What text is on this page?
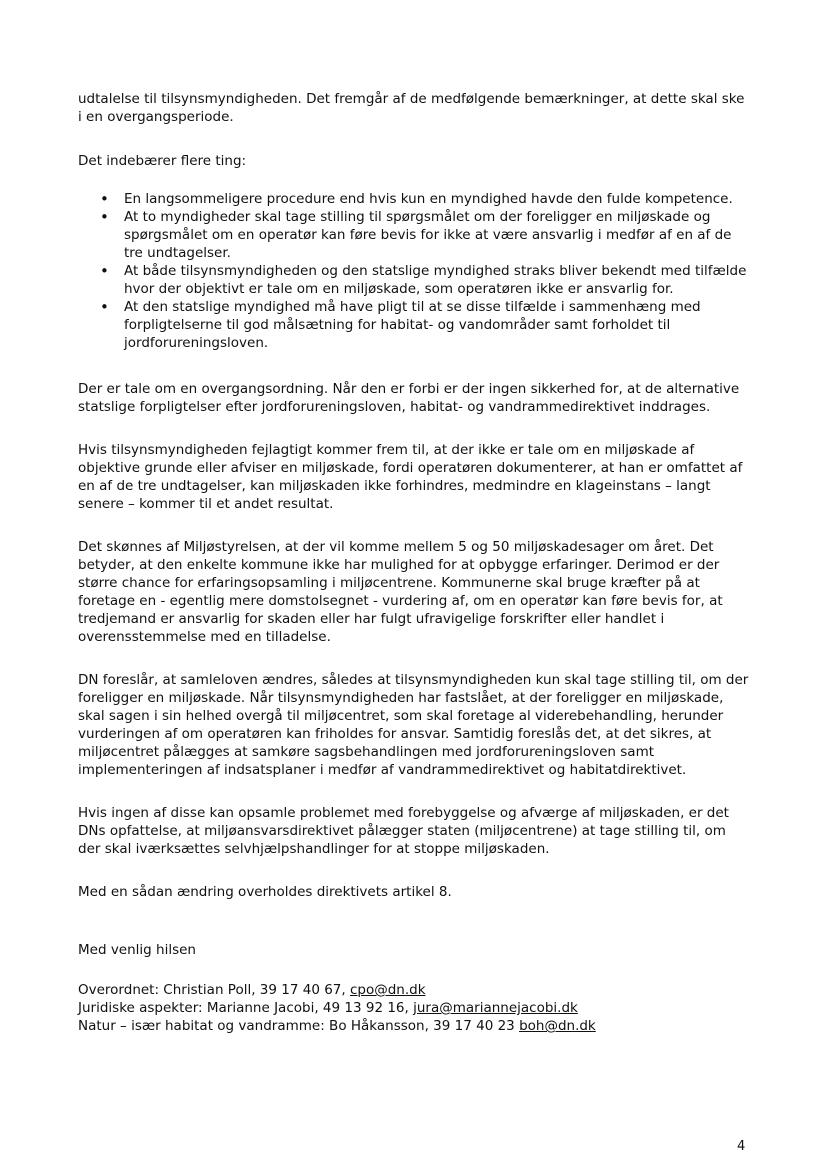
udtalelse til tilsynsmyndigheden. Det fremgår af de medfølgende bemærkninger, at dette skal ske i en overgangsperiode.

Det indebærer flere ting:

• En langsommeligere procedure end hvis kun en myndighed havde den fulde kompetence.
• At to myndigheder skal tage stilling til spørgsmålet om der foreligger en miljøskade og spørgsmålet om en operatør kan føre bevis for ikke at være ansvarlig i medfør af en af de tre undtagelser.
• At både tilsynsmyndigheden og den statslige myndighed straks bliver bekendt med tilfælde hvor der objektivt er tale om en miljøskade, som operatøren ikke er ansvarlig for.
• At den statslige myndighed må have pligt til at se disse tilfælde i sammenhæng med forpligtelserne til god målsætning for habitat- og vandområder samt forholdet til jordforureningsloven.

Der er tale om en overgangsordning. Når den er forbi er der ingen sikkerhed for, at de alternative statslige forpligtelser efter jordforureningsloven, habitat- og vandrammedirektivet inddrages.

Hvis tilsynsmyndigheden fejlagtigt kommer frem til, at der ikke er tale om en miljøskade af objektive grunde eller afviser en miljøskade, fordi operatøren dokumenterer, at han er omfattet af en af de tre undtagelser, kan miljøskaden ikke forhindres, medmindre en klageinstans – langt senere – kommer til et andet resultat.

Det skønnes af Miljøstyrelsen, at der vil komme mellem 5 og 50 miljøskadesager om året. Det betyder, at den enkelte kommune ikke har mulighed for at opbygge erfaringer. Derimod er der større chance for erfaringsopsamling i miljøcentrene. Kommunerne skal bruge kræfter på at foretage en - egentlig mere domstolsegnet - vurdering af, om en operatør kan føre bevis for, at tredjemand er ansvarlig for skaden eller har fulgt ufravigelige forskrifter eller handlet i overensstemmelse med en tilladelse.

DN foreslår, at samleloven ændres, således at tilsynsmyndigheden kun skal tage stilling til, om der foreligger en miljøskade. Når tilsynsmyndigheden har fastslået, at der foreligger en miljøskade, skal sagen i sin helhed overgå til miljøcentret, som skal foretage al viderebehandling, herunder vurderingen af om operatøren kan friholdes for ansvar. Samtidig foreslås det, at det sikres, at miljøcentret pålægges at samkøre sagsbehandlingen med jordforureningsloven samt implementeringen af indsatsplaner i medfør af vandrammedirektivet og habitatdirektivet.

Hvis ingen af disse kan opsamle problemet med forebyggelse og afværge af miljøskaden, er det DNs opfattelse, at miljøansvarsdirektivet pålægger staten (miljøcentrene) at tage stilling til, om der skal iværksættes selvhjælpshandlinger for at stoppe miljøskaden.

Med en sådan ændring overholdes direktivets artikel 8.

Med venlig hilsen

Overordnet: Christian Poll, 39 17 40 67, cpo@dn.dk

Juridiske aspekter: Marianne Jacobi, 49 13 92 16, jura@mariannejacobi.dk

Natur – især habitat og vandramme: Bo Håkansson, 39 17 40 23 boh@dn.dk

4
